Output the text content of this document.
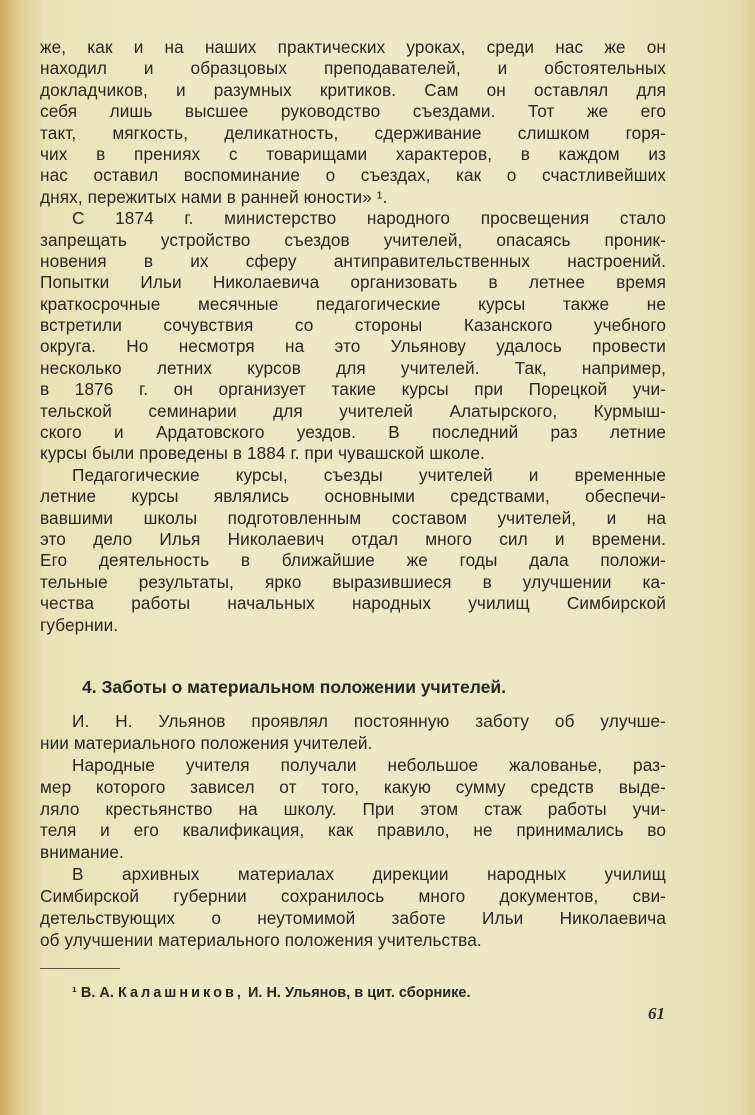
же, как и на наших практических уроках, среди нас же он
находил и образцовых преподавателей, и обстоятельных
докладчиков, и разумных критиков. Сам он оставлял для
себя лишь высшее руководство съездами. Тот же его
такт, мягкость, деликатность, сдерживание слишком горя-
чих в прениях с товарищами характеров, в каждом из
нас оставил воспоминание о съездах, как о счастливейших
днях, пережитых нами в ранней юности» ¹.
С 1874 г. министерство народного просвещения стало
запрещать устройство съездов учителей, опасаясь проник-
новения в их сферу антиправительственных настроений.
Попытки Ильи Николаевича организовать в летнее время
краткосрочные месячные педагогические курсы также не
встретили сочувствия со стороны Казанского учебного
округа. Но несмотря на это Ульянову удалось провести
несколько летних курсов для учителей. Так, например,
в 1876 г. он организует такие курсы при Порецкой учи-
тельской семинарии для учителей Алатырского, Курмыш-
ского и Ардатовского уездов. В последний раз летние
курсы были проведены в 1884 г. при чувашской школе.
Педагогические курсы, съезды учителей и временные
летние курсы являлись основными средствами, обеспечи-
вавшими школы подготовленным составом учителей, и на
это дело Илья Николаевич отдал много сил и времени.
Его деятельность в ближайшие же годы дала положи-
тельные результаты, ярко выразившиеся в улучшении ка-
чества работы начальных народных училищ Симбирской
губернии.
4. Заботы о материальном положении учителей.
И. Н. Ульянов проявлял постоянную заботу об улучше-
нии материального положения учителей.
Народные учителя получали небольшое жалованье, раз-
мер которого зависел от того, какую сумму средств выде-
ляло крестьянство на школу. При этом стаж работы учи-
теля и его квалификация, как правило, не принимались во
внимание.
В архивных материалах дирекции народных училищ
Симбирской губернии сохранилось много документов, сви-
детельствующих о неутомимой заботе Ильи Николаевича
об улучшении материального положения учительства.
¹ В. А. Калашников, И. Н. Ульянов, в цит. сборнике.
61
